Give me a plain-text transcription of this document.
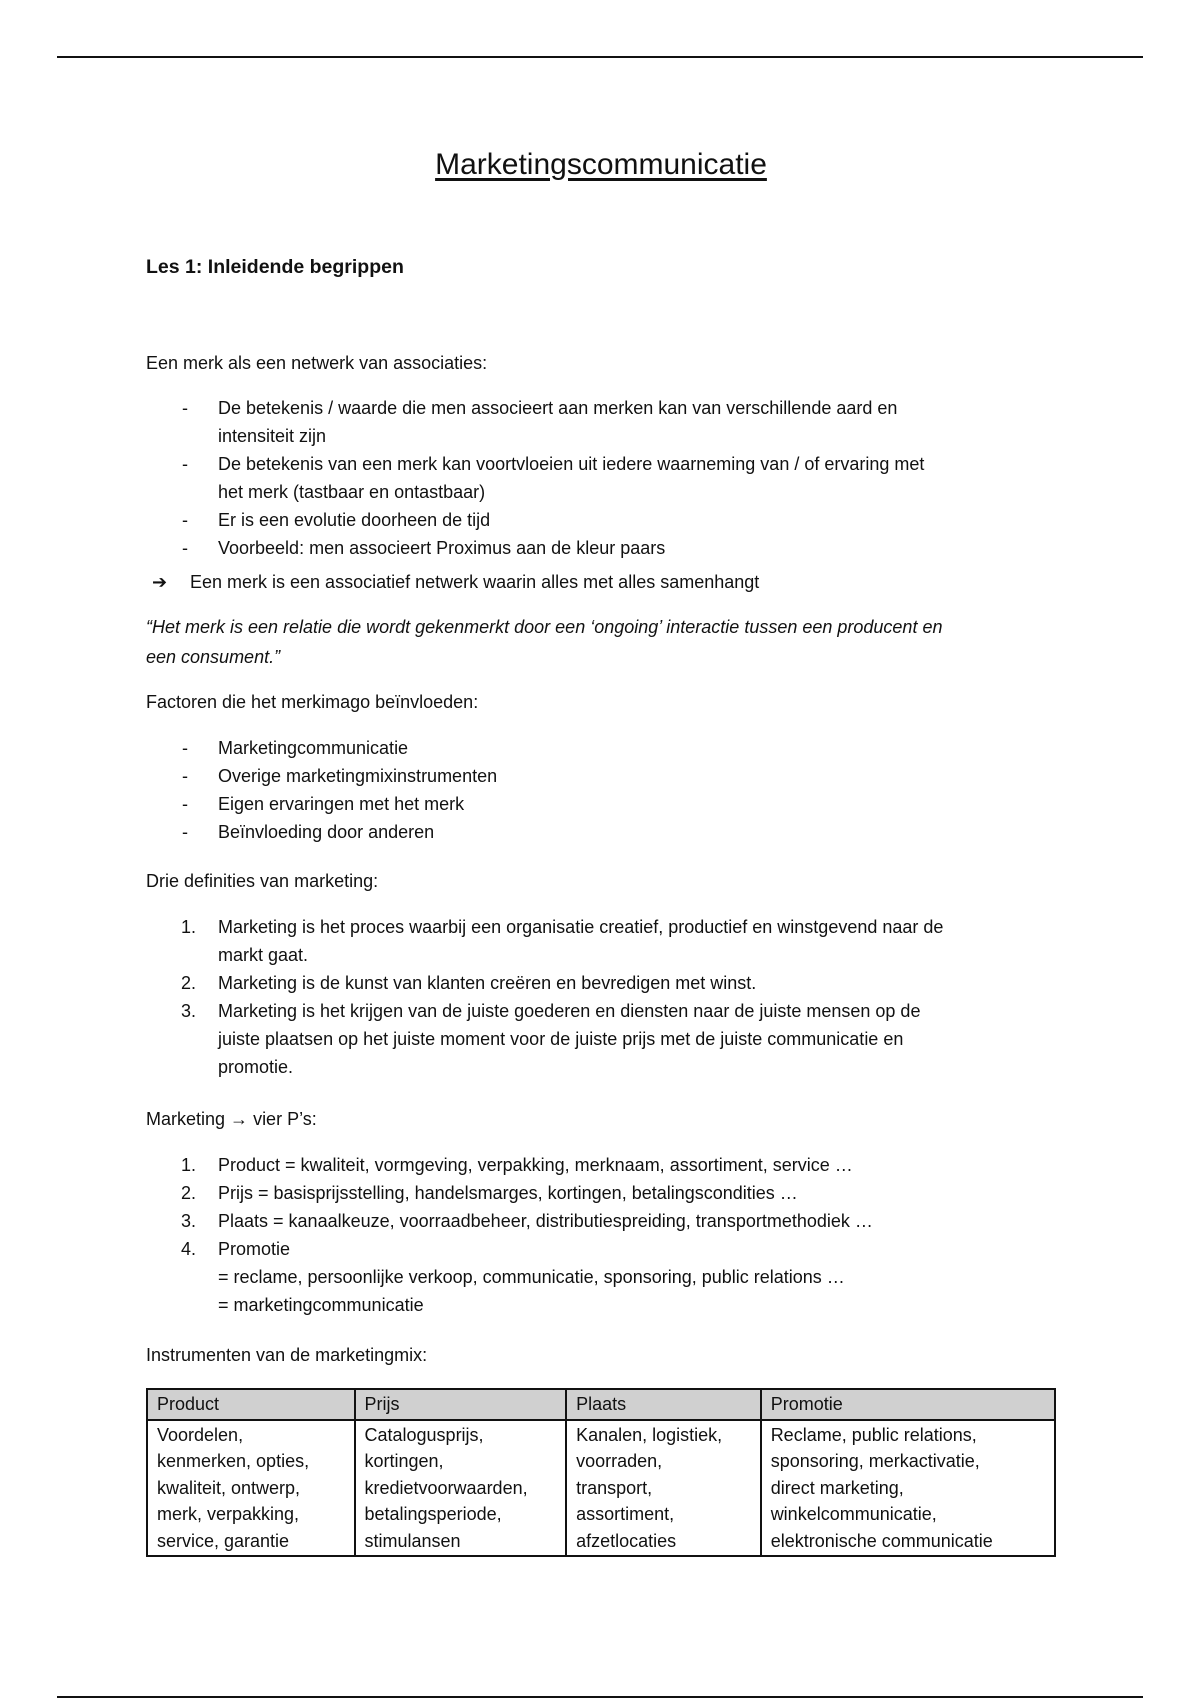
Marketingscommunicatie
Les 1: Inleidende begrippen
Een merk als een netwerk van associaties:
- De betekenis / waarde die men associeert aan merken kan van verschillende aard en
intensiteit zijn
- De betekenis van een merk kan voortvloeien uit iedere waarneming van / of ervaring met
het merk (tastbaar en ontastbaar)
- Er is een evolutie doorheen de tijd
- Voorbeeld: men associeert Proximus aan de kleur paars
➔ Een merk is een associatief netwerk waarin alles met alles samenhangt
“Het merk is een relatie die wordt gekenmerkt door een ‘ongoing’ interactie tussen een producent en
een consument.”
Factoren die het merkimago beïnvloeden:
- Marketingcommunicatie
- Overige marketingmixinstrumenten
- Eigen ervaringen met het merk
- Beïnvloeding door anderen
Drie definities van marketing:
1. Marketing is het proces waarbij een organisatie creatief, productief en winstgevend naar de
markt gaat.
2. Marketing is de kunst van klanten creëren en bevredigen met winst.
3. Marketing is het krijgen van de juiste goederen en diensten naar de juiste mensen op de
juiste plaatsen op het juiste moment voor de juiste prijs met de juiste communicatie en
promotie.
Marketing → vier P’s:
1. Product = kwaliteit, vormgeving, verpakking, merknaam, assortiment, service …
2. Prijs = basisprijsstelling, handelsmarges, kortingen, betalingscondities …
3. Plaats = kanaalkeuze, voorraadbeheer, distributiespreiding, transportmethodiek …
4. Promotie
= reclame, persoonlijke verkoop, communicatie, sponsoring, public relations …
= marketingcommunicatie
Instrumenten van de marketingmix:
Product	Prijs	Plaats	Promotie

Voordelen,
kenmerken, opties,
kwaliteit, ontwerp,
merk, verpakking,
service, garantie	Catalogusprijs,
kortingen,
kredietvoorwaarden,
betalingsperiode,
stimulansen	Kanalen, logistiek,
voorraden,
transport,
assortiment,
afzetlocaties	Reclame, public relations,
sponsoring, merkactivatie,
direct marketing,
winkelcommunicatie,
elektronische communicatie
